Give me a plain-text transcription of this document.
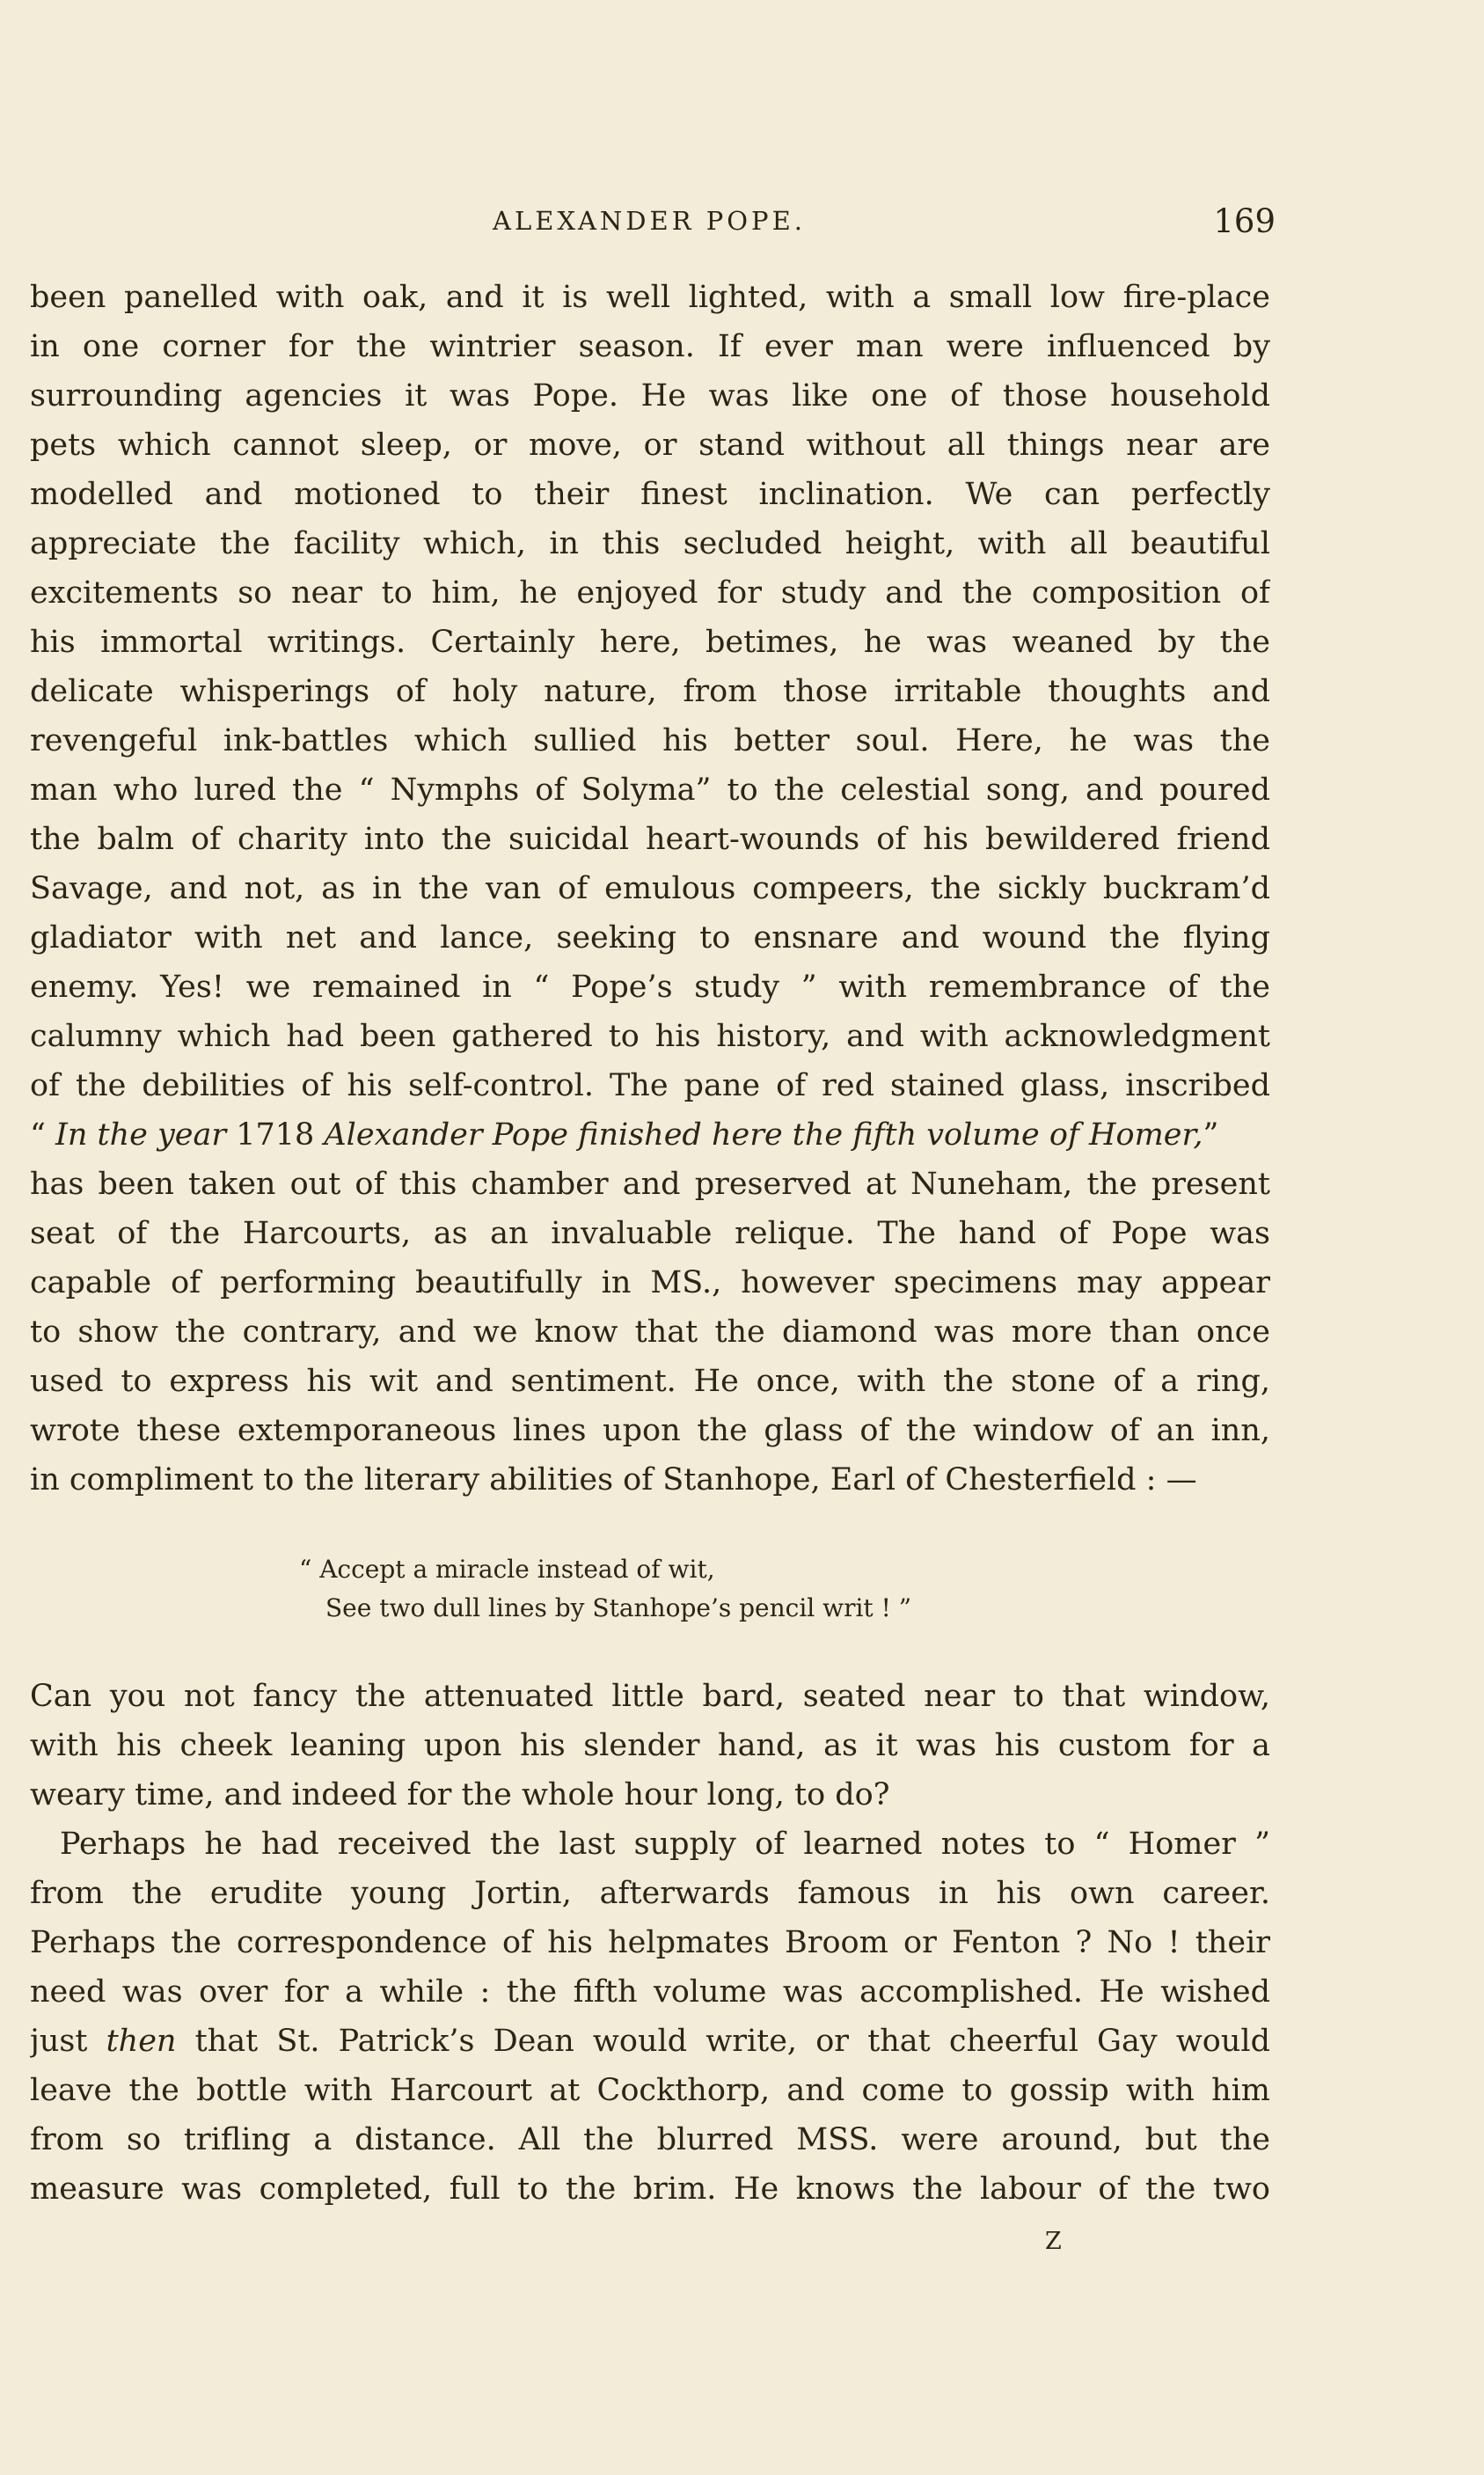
ALEXANDER POPE.	169
been panelled with oak, and it is well lighted, with a small low fire-place
in one corner for the wintrier season. If ever man were influenced by
surrounding agencies it was Pope. He was like one of those household
pets which cannot sleep, or move, or stand without all things near are
modelled and motioned to their finest inclination. We can perfectly
appreciate the facility which, in this secluded height, with all beautiful
excitements so near to him, he enjoyed for study and the composition of
his immortal writings. Certainly here, betimes, he was weaned by the
delicate whisperings of holy nature, from those irritable thoughts and
revengeful ink-battles which sullied his better soul. Here, he was the
man who lured the “ Nymphs of Solyma” to the celestial song, and poured
the balm of charity into the suicidal heart-wounds of his bewildered friend
Savage, and not, as in the van of emulous compeers, the sickly buckram’d
gladiator with net and lance, seeking to ensnare and wound the flying
enemy. Yes! we remained in “ Pope’s study ” with remembrance of the
calumny which had been gathered to his history, and with acknowledgment
of the debilities of his self-control. The pane of red stained glass, inscribed
“ In the year 1718 Alexander Pope finished here the fifth volume of Homer,”
has been taken out of this chamber and preserved at Nuneham, the present
seat of the Harcourts, as an invaluable relique. The hand of Pope was
capable of performing beautifully in MS., however specimens may appear
to show the contrary, and we know that the diamond was more than once
used to express his wit and sentiment. He once, with the stone of a ring,
wrote these extemporaneous lines upon the glass of the window of an inn,
in compliment to the literary abilities of Stanhope, Earl of Chesterfield : —
“ Accept a miracle instead of wit,
See two dull lines by Stanhope’s pencil writ ! ”
Can you not fancy the attenuated little bard, seated near to that window,
with his cheek leaning upon his slender hand, as it was his custom for a
weary time, and indeed for the whole hour long, to do?
Perhaps he had received the last supply of learned notes to “ Homer ”
from the erudite young Jortin, afterwards famous in his own career.
Perhaps the correspondence of his helpmates Broom or Fenton ? No ! their
need was over for a while : the fifth volume was accomplished. He wished
just then that St. Patrick’s Dean would write, or that cheerful Gay would
leave the bottle with Harcourt at Cockthorp, and come to gossip with him
from so trifling a distance. All the blurred MSS. were around, but the
measure was completed, full to the brim. He knows the labour of the two
Z
